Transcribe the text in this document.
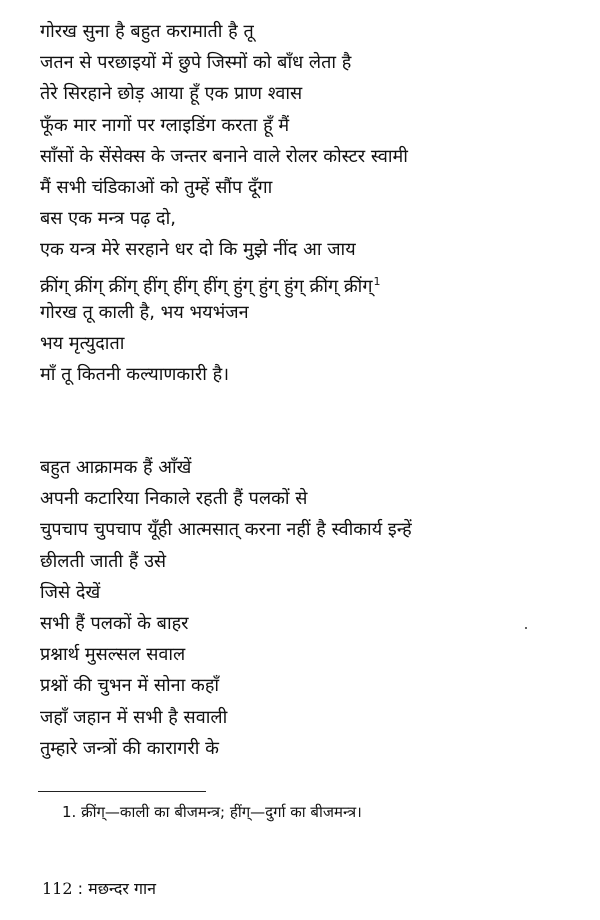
गोरख सुना है बहुत करामाती है तू
जतन से परछाइयों में छुपे जिस्मों को बाँध लेता है
तेरे सिरहाने छोड़ आया हूँ एक प्राण श्वास
फूँक मार नागों पर ग्लाइडिंग करता हूँ मैं
साँसों के सेंसेक्स के जन्तर बनाने वाले रोलर कोस्टर स्वामी
मैं सभी चंडिकाओं को तुम्हें सौंप दूँगा
बस एक मन्त्र पढ़ दो,
एक यन्त्र मेरे सरहाने धर दो कि मुझे नींद आ जाय
क्रींग् क्रींग् क्रींग् हींग् हींग् हींग् हुंग् हुंग् हुंग् क्रींग् क्रींग्$^1$
गोरख तू काली है, भय भयभंजन
भय मृत्युदाता
माँ तू कितनी कल्याणकारी है।
बहुत आक्रामक हैं आँखें
अपनी कटारिया निकाले रहती हैं पलकों से
चुपचाप चुपचाप यूँही आत्मसात् करना नहीं है स्वीकार्य इन्हें
छीलती जाती हैं उसे
जिसे देखें
सभी हैं पलकों के बाहर
प्रश्नार्थ मुसल्सल सवाल
प्रश्नों की चुभन में सोना कहाँ
जहाँ जहान में सभी है सवाली
तुम्हारे जन्त्रों की कारागरी के
1. क्रींग्—काली का बीजमन्त्र; हींग्—दुर्गा का बीजमन्त्र।
112 : मछन्दर गान
